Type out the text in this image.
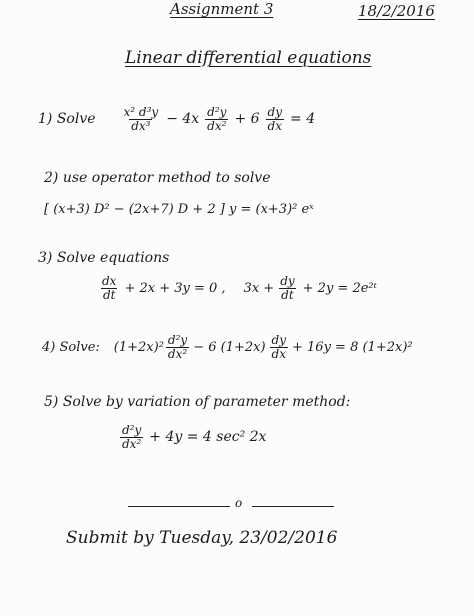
Assignment 3	18/2/2016
Linear differential equations
1) Solve $\frac{\text{x² d³y}}{\text{dx³}} - 4x \frac{\text{d²y}}{\text{dx²}} + 6 \frac{dy}{dx} = 4$
2) use operator method to solve
[ (x+3) D² − (2x+7) D + 2 ] y = (x+3)² eˣ
3) Solve equations
$\frac{dx}{dt} + 2x + 3y = 0$ , $3x + \frac{dy}{dt} + 2y$ = 2e²ᵗ
4) Solve: $(1+2x)^2 \frac{\text{d²y}}{\text{dx²}} - 6$ $(1+2x) \frac{dy}{dx} + 16y = 8$ (1+2x)²
5) Solve by variation of parameter method:
$\frac{\text{d²y}}{\text{dx²}} + 4y = 4$ sec² 2x
o
Submit by Tuesday, 23/02/2016
